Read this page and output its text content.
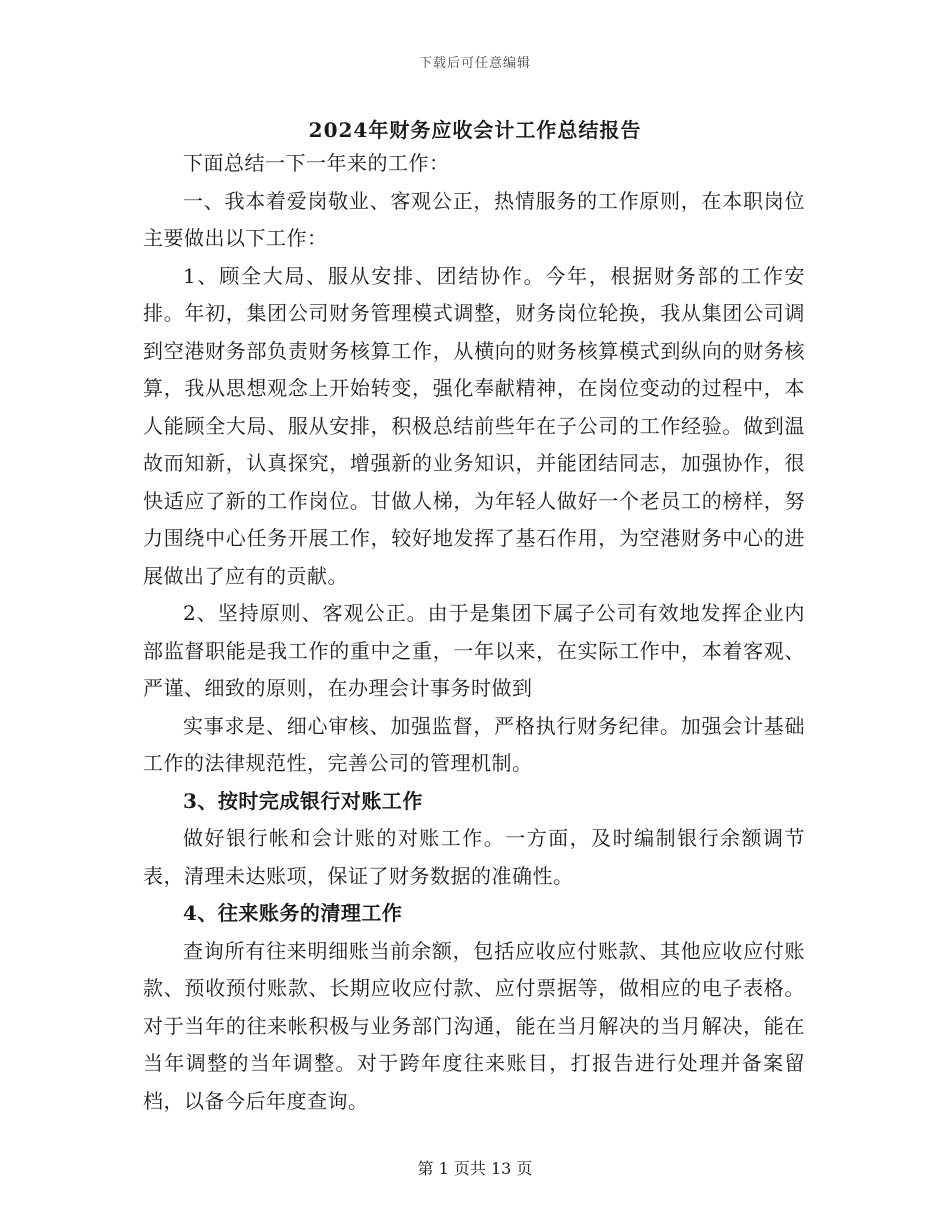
下载后可任意编辑
2024年财务应收会计工作总结报告

下面总结一下一年来的工作：

一、我本着爱岗敬业、客观公正，热情服务的工作原则，在本职岗位主要做出以下工作：

1、顾全大局、服从安排、团结协作。今年，根据财务部的工作安排。年初，集团公司财务管理模式调整，财务岗位轮换，我从集团公司调到空港财务部负责财务核算工作，从横向的财务核算模式到纵向的财务核算，我从思想观念上开始转变，强化奉献精神，在岗位变动的过程中，本人能顾全大局、服从安排，积极总结前些年在子公司的工作经验。做到温故而知新，认真探究，增强新的业务知识，并能团结同志，加强协作，很快适应了新的工作岗位。甘做人梯，为年轻人做好一个老员工的榜样，努力围绕中心任务开展工作，较好地发挥了基石作用，为空港财务中心的进展做出了应有的贡献。

2、坚持原则、客观公正。由于是集团下属子公司有效地发挥企业内部监督职能是我工作的重中之重，一年以来，在实际工作中，本着客观、严谨、细致的原则，在办理会计事务时做到

实事求是、细心审核、加强监督，严格执行财务纪律。加强会计基础工作的法律规范性，完善公司的管理机制。

3、按时完成银行对账工作

做好银行帐和会计账的对账工作。一方面，及时编制银行余额调节表，清理未达账项，保证了财务数据的准确性。

4、往来账务的清理工作

查询所有往来明细账当前余额，包括应收应付账款、其他应收应付账款、预收预付账款、长期应收应付款、应付票据等，做相应的电子表格。对于当年的往来帐积极与业务部门沟通，能在当月解决的当月解决，能在当年调整的当年调整。对于跨年度往来账目，打报告进行处理并备案留档，以备今后年度查询。

第 1 页共 13 页
